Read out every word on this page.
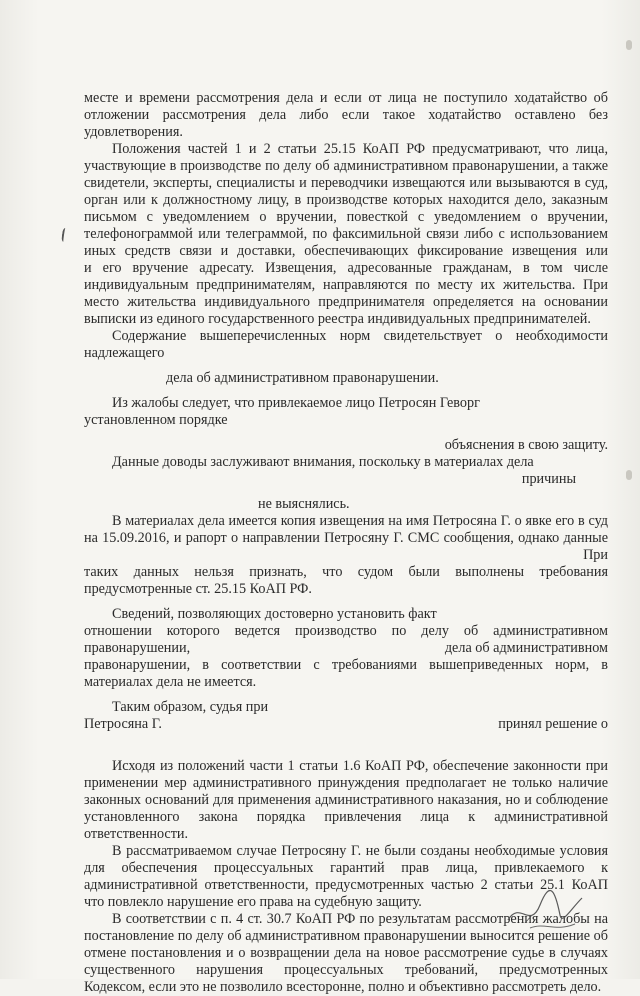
месте и времени рассмотрения дела и если от лица не поступило ходатайство об
отложении рассмотрения дела либо если такое ходатайство оставлено без
удовлетворения.
Положения частей 1 и 2 статьи 25.15 КоАП РФ предусматривают, что лица,
участвующие в производстве по делу об административном правонарушении, а также
свидетели, эксперты, специалисты и переводчики извещаются или вызываются в суд,
орган или к должностному лицу, в производстве которых находится дело, заказным
письмом с уведомлением о вручении, повесткой с уведомлением о вручении,
телефонограммой или телеграммой, по факсимильной связи либо с использованием
иных средств связи и доставки, обеспечивающих фиксирование извещения или
и его вручение адресату. Извещения, адресованные гражданам, в том числе
индивидуальным предпринимателям, направляются по месту их жительства. При
место жительства индивидуального предпринимателя определяется на основании
выписки из единого государственного реестра индивидуальных предпринимателей.
Содержание вышеперечисленных норм свидетельствует о необходимости
надлежащего
дела об административном правонарушении.
Из жалобы следует, что привлекаемое лицо Петросян Геворг
установленном порядке
объяснения в свою защиту.
Данные доводы заслуживают внимания, поскольку в материалах дела
причины
не выяснялись.
В материалах дела имеется копия извещения на имя Петросяна Г. о явке его в суд
на 15.09.2016, и рапорт о направлении Петросяну Г. СМС сообщения, однако данные
При
таких данных нельзя признать, что судом были выполнены требования
предусмотренные ст. 25.15 КоАП РФ.
Сведений, позволяющих достоверно установить факт
отношении которого ведется производство по делу об административном
правонарушении,	дела об административном
правонарушении, в соответствии с требованиями вышеприведенных норм, в
материалах дела не имеется.
Таким образом, судья при
Петросяна Г.	принял решение о
Исходя из положений части 1 статьи 1.6 КоАП РФ, обеспечение законности при
применении мер административного принуждения предполагает не только наличие
законных оснований для применения административного наказания, но и соблюдение
установленного закона порядка привлечения лица к административной
ответственности.
В рассматриваемом случае Петросяну Г. не были созданы необходимые условия
для обеспечения процессуальных гарантий прав лица, привлекаемого к
административной ответственности, предусмотренных частью 2 статьи 25.1 КоАП
что повлекло нарушение его права на судебную защиту.
В соответствии с п. 4 ст. 30.7 КоАП РФ по результатам рассмотрения жалобы на
постановление по делу об административном правонарушении выносится решение об
отмене постановления и о возвращении дела на новое рассмотрение судье в случаях
существенного нарушения процессуальных требований, предусмотренных
Кодексом, если это не позволило всесторонне, полно и объективно рассмотреть дело.
